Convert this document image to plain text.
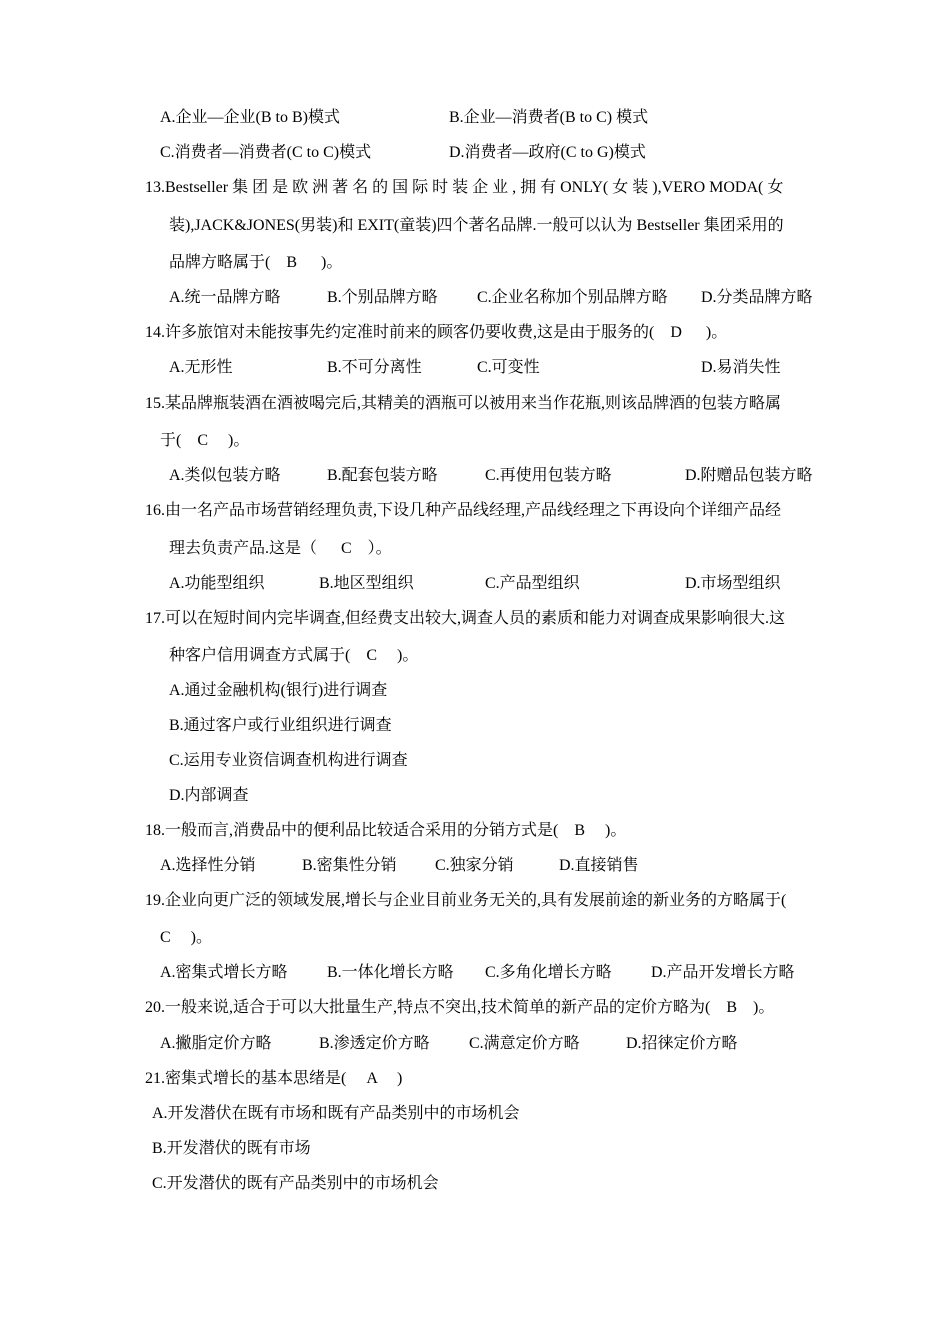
A.企业—企业(B to B)模式	B.企业—消费者(B to C) 模式
C.消费者—消费者(C to C)模式	D.消费者—政府(C to G)模式
13.Bestseller 集 团 是 欧 洲 著 名 的 国 际 时 装 企 业 , 拥 有 ONLY( 女 装 ),VERO MODA( 女
装),JACK&JONES(男装)和 EXIT(童装)四个著名品牌.一般可以认为 Bestseller 集团采用的
品牌方略属于(    B      )。
A.统一品牌方略	B.个别品牌方略 C.企业名称加个别品牌方略 D.分类品牌方略
14.许多旅馆对未能按事先约定准时前来的顾客仍要收费,这是由于服务的(    D      )。
A.无形性	B.不可分离性	C.可变性	D.易消失性
15.某品牌瓶装酒在酒被喝完后,其精美的酒瓶可以被用来当作花瓶,则该品牌酒的包装方略属
于(    C     )。
A.类似包装方略	B.配套包装方略	C.再使用包装方略	D.附赠品包装方略
16.由一名产品市场营销经理负责,下设几种产品线经理,产品线经理之下再设向个详细产品经
理去负责产品.这是（      C    ）。
A.功能型组织	B.地区型组织	C.产品型组织	D.市场型组织
17.可以在短时间内完毕调查,但经费支出较大,调查人员的素质和能力对调查成果影响很大.这
种客户信用调查方式属于(    C     )。
A.通过金融机构(银行)进行调查
B.通过客户或行业组织进行调查
C.运用专业资信调查机构进行调查
D.内部调查
18.一般而言,消费品中的便利品比较适合采用的分销方式是(    B     )。
A.选择性分销	B.密集性分销 C.独家分销	D.直接销售
19.企业向更广泛的领域发展,增长与企业目前业务无关的,具有发展前途的新业务的方略属于(
C     )。
A.密集式增长方略 B.一体化增长方略 C.多角化增长方略 D.产品开发增长方略
20.一般来说,适合于可以大批量生产,特点不突出,技术简单的新产品的定价方略为(    B    )。
A.撇脂定价方略	B.渗透定价方略 C.满意定价方略	D.招徕定价方略
21.密集式增长的基本思绪是(     A     )
A.开发潜伏在既有市场和既有产品类别中的市场机会
B.开发潜伏的既有市场
C.开发潜伏的既有产品类别中的市场机会
